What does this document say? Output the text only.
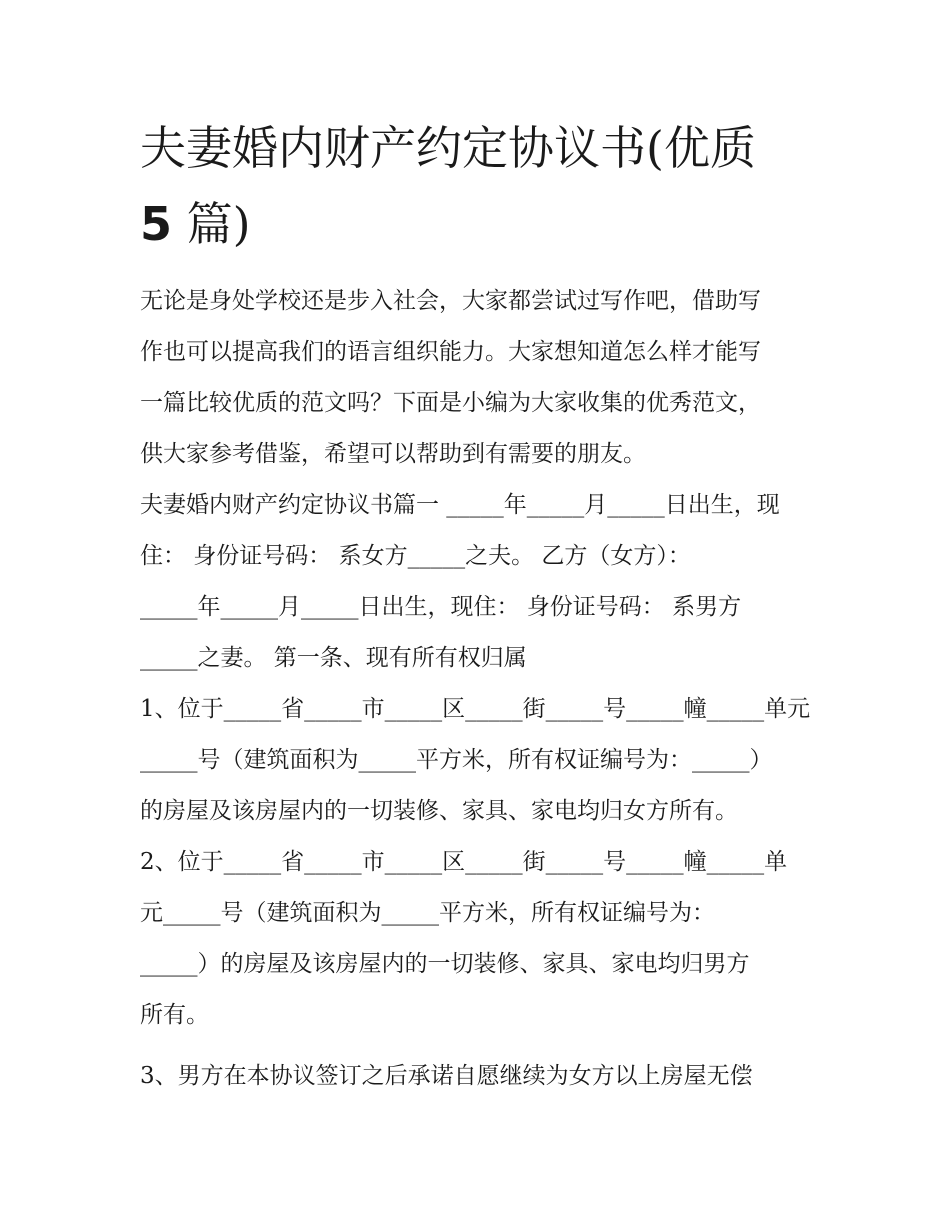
夫妻婚内财产约定协议书(优质
5 篇)
无论是身处学校还是步入社会，大家都尝试过写作吧，借助写
作也可以提高我们的语言组织能力。大家想知道怎么样才能写
一篇比较优质的范文吗？下面是小编为大家收集的优秀范文，
供大家参考借鉴，希望可以帮助到有需要的朋友。
夫妻婚内财产约定协议书篇一 _____年_____月_____日出生，现
住： 身份证号码： 系女方_____之夫。 乙方（女方）：
_____年_____月_____日出生，现住： 身份证号码： 系男方
_____之妻。 第一条、现有所有权归属
1、位于_____省_____市_____区_____街_____号_____幢_____单元
_____号（建筑面积为_____平方米，所有权证编号为：_____）
的房屋及该房屋内的一切装修、家具、家电均归女方所有。
2、位于_____省_____市_____区_____街_____号_____幢_____单
元_____号（建筑面积为_____平方米，所有权证编号为：
_____）的房屋及该房屋内的一切装修、家具、家电均归男方
所有。
3、男方在本协议签订之后承诺自愿继续为女方以上房屋无偿
